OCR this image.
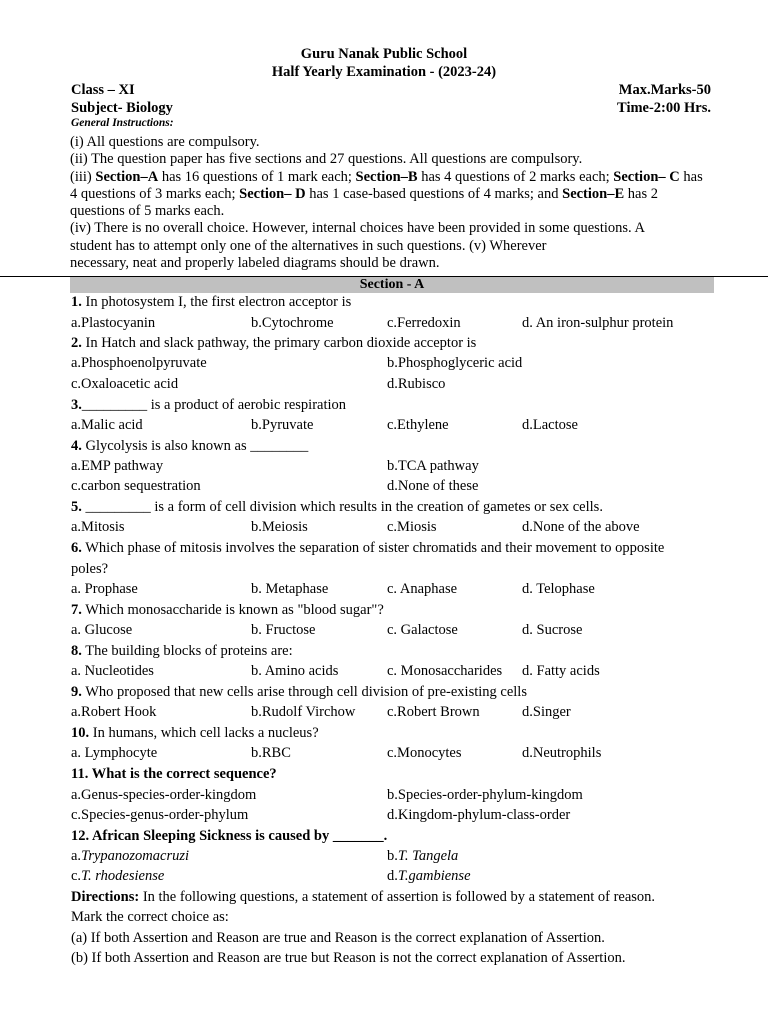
Guru Nanak Public School
Half Yearly Examination - (2023-24)
Class – XI	Max.Marks-50
Subject- Biology	Time-2:00 Hrs.
General Instructions:

(i) All questions are compulsory.

(ii) The question paper has five sections and 27 questions. All questions are compulsory.

(iii) Section–A has 16 questions of 1 mark each; Section–B has 4 questions of 2 marks each; Section– C has 4 questions of 3 marks each; Section– D has 1 case-based questions of 4 marks; and Section–E has 2 questions of 5 marks each.

(iv) There is no overall choice. However, internal choices have been provided in some questions. A

student has to attempt only one of the alternatives in such questions. (v) Wherever

necessary, neat and properly labeled diagrams should be drawn.

Section - A
1. In photosystem I, the first electron acceptor is
a.Plastocyanin	b.Cytochrome	c.Ferredoxin	d. An iron-sulphur protein
2. In Hatch and slack pathway, the primary carbon dioxide acceptor is
a.Phosphoenolpyruvate	b.Phosphoglyceric acid
c.Oxaloacetic acid	d.Rubisco
3._________ is a product of aerobic respiration
a.Malic acid	b.Pyruvate	c.Ethylene	d.Lactose
4. Glycolysis is also known as ________
a.EMP pathway	b.TCA pathway
c.carbon sequestration	d.None of these
5. _________ is a form of cell division which results in the creation of gametes or sex cells.
a.Mitosis	b.Meiosis	c.Miosis	d.None of the above
6. Which phase of mitosis involves the separation of sister chromatids and their movement to opposite
poles?
a. Prophase	b. Metaphase	c. Anaphase	d. Telophase
7. Which monosaccharide is known as "blood sugar"?
a. Glucose	b. Fructose	c. Galactose	d. Sucrose
8. The building blocks of proteins are:
a. Nucleotides	b. Amino acids	c. Monosaccharides d. Fatty acids
9. Who proposed that new cells arise through cell division of pre-existing cells
a.Robert Hook	b.Rudolf Virchow c.Robert Brown	d.Singer
10. In humans, which cell lacks a nucleus?
a. Lymphocyte	b.RBC	c.Monocytes	d.Neutrophils
11. What is the correct sequence?
a.Genus-species-order-kingdom	b.Species-order-phylum-kingdom
c.Species-genus-order-phylum	d.Kingdom-phylum-class-order
12. African Sleeping Sickness is caused by _______.
a.Trypanozomacruzi	b.T. Tangela
c.T. rhodesiense	d.T.gambiense
Directions: In the following questions, a statement of assertion is followed by a statement of reason.
Mark the correct choice as:
(a) If both Assertion and Reason are true and Reason is the correct explanation of Assertion.
(b) If both Assertion and Reason are true but Reason is not the correct explanation of Assertion.
